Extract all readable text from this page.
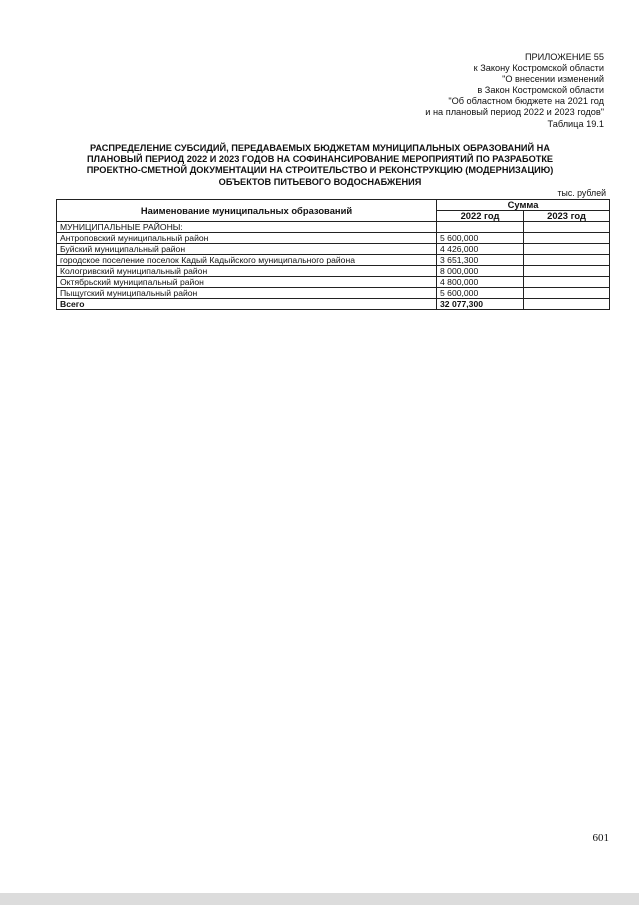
ПРИЛОЖЕНИЕ 55
к Закону Костромской области
"О внесении изменений
в Закон Костромской области
"Об областном бюджете на 2021 год
и на плановый период 2022 и 2023 годов"
Таблица 19.1
РАСПРЕДЕЛЕНИЕ СУБСИДИЙ, ПЕРЕДАВАЕМЫХ БЮДЖЕТАМ МУНИЦИПАЛЬНЫХ ОБРАЗОВАНИЙ НА
ПЛАНОВЫЙ ПЕРИОД 2022 И 2023 ГОДОВ НА СОФИНАНСИРОВАНИЕ МЕРОПРИЯТИЙ ПО РАЗРАБОТКЕ
ПРОЕКТНО-СМЕТНОЙ ДОКУМЕНТАЦИИ НА СТРОИТЕЛЬСТВО И РЕКОНСТРУКЦИЮ (МОДЕРНИЗАЦИЮ)
ОБЪЕКТОВ ПИТЬЕВОГО ВОДОСНАБЖЕНИЯ
тыс. рублей
Наименование муниципальных образований	Сумма	
	2022 год	2023 год
МУНИЦИПАЛЬНЫЕ РАЙОНЫ:		
Антроповский муниципальный район	5 600,000	
Буйский муниципальный район	4 426,000	
городское поселение поселок Кадый Кадыйского муниципального района	3 651,300	
Кологривский муниципальный район	8 000,000	
Октябрьский муниципальный район	4 800,000	
Пыщугский муниципальный район	5 600,000	
Всего	32 077,300	
601
